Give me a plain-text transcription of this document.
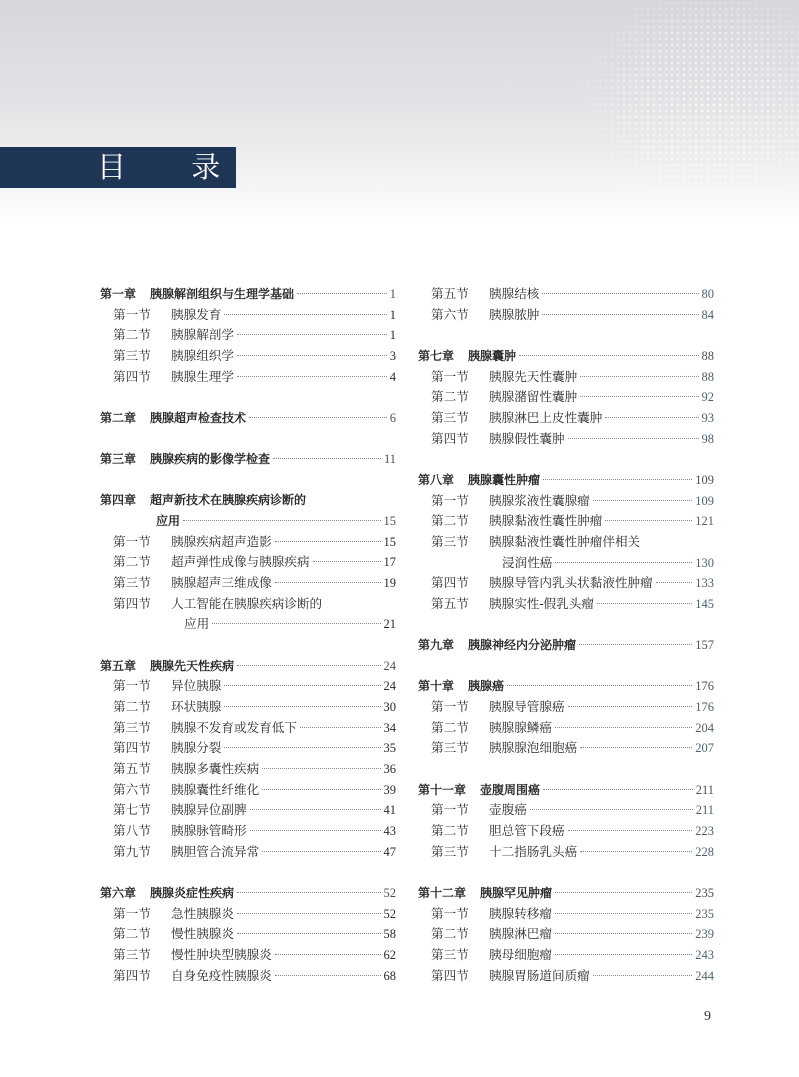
目 录
第一章 胰腺解剖组织与生理学基础	1
第一节	胰腺发育	1
第二节	胰腺解剖学	1
第三节	胰腺组织学	3
第四节	胰腺生理学	4
第二章 胰腺超声检查技术	6
第三章 胰腺疾病的影像学检查	11
第四章 超声新技术在胰腺疾病诊断的
应用	15
第一节	胰腺疾病超声造影	15
第二节	超声弹性成像与胰腺疾病	17
第三节	胰腺超声三维成像	19
第四节	人工智能在胰腺疾病诊断的
应用	21
第五章 胰腺先天性疾病	24
第一节	异位胰腺	24
第二节	环状胰腺	30
第三节	胰腺不发育或发育低下	34
第四节	胰腺分裂	35
第五节	胰腺多囊性疾病	36
第六节	胰腺囊性纤维化	39
第七节	胰腺异位副脾	41
第八节	胰腺脉管畸形	43
第九节	胰胆管合流异常	47
第六章 胰腺炎症性疾病	52
第一节	急性胰腺炎	52
第二节	慢性胰腺炎	58
第三节	慢性肿块型胰腺炎	62
第四节	自身免疫性胰腺炎	68
第五节	胰腺结核	80
第六节	胰腺脓肿	84
第七章 胰腺囊肿	88
第一节	胰腺先天性囊肿	88
第二节	胰腺潴留性囊肿	92
第三节	胰腺淋巴上皮性囊肿	93
第四节	胰腺假性囊肿	98
第八章 胰腺囊性肿瘤	109
第一节	胰腺浆液性囊腺瘤	109
第二节	胰腺黏液性囊性肿瘤	121
第三节	胰腺黏液性囊性肿瘤伴相关
浸润性癌	130
第四节	胰腺导管内乳头状黏液性肿瘤	133
第五节	胰腺实性-假乳头瘤	145
第九章 胰腺神经内分泌肿瘤	157
第十章 胰腺癌	176
第一节	胰腺导管腺癌	176
第二节	胰腺腺鳞癌	204
第三节	胰腺腺泡细胞癌	207
第十一章 壶腹周围癌	211
第一节	壶腹癌	211
第二节	胆总管下段癌	223
第三节	十二指肠乳头癌	228
第十二章 胰腺罕见肿瘤	235
第一节	胰腺转移瘤	235
第二节	胰腺淋巴瘤	239
第三节	胰母细胞瘤	243
第四节	胰腺胃肠道间质瘤	244
9
